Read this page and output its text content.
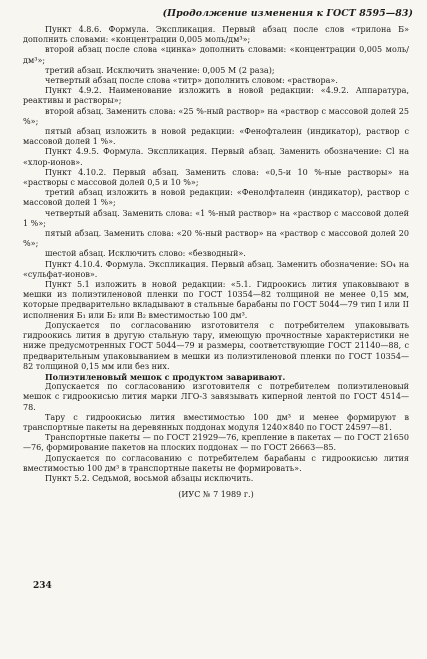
(Продолжение изменения к ГОСТ 8595—83)

Пункт 4.8.6. Формула. Экспликация. Первый абзац после слов «трилона Б» дополнить словами: «концентрации 0,005 моль/дм³»;

второй абзац после слова «цинка» дополнить словами: «концентрации 0,005 моль/дм³»;

третий абзац. Исключить значение: 0,005 М (2 раза);

четвертый абзац после слова «титр» дополнить словом: «раствора».

Пункт 4.9.2. Наименование изложить в новой редакции: «4.9.2. Аппаратура, реактивы и растворы»;

второй абзац. Заменить слова: «25 %-ный раствор» на «раствор с массовой долей 25 %»;

пятый абзац изложить в новой редакции: «Фенофталеин (индикатор), раствор с массовой долей 1 %».

Пункт 4.9.5. Формула. Экспликация. Первый абзац. Заменить обозначение: Cl на «хлор-ионов».

Пункт 4.10.2. Первый абзац. Заменить слова: «0,5-и 10 %-ные растворы» на «растворы с массовой долей 0,5 и 10 %»;

третий абзац изложить в новой редакции: «Фенолфталеин (индикатор), раствор с массовой долей 1 %»;

четвертый абзац. Заменить слова: «1 %-ный раствор» на «раствор с массовой долей 1 %»;

пятый абзац. Заменить слова: «20 %-ный раствор» на «раствор с массовой долей 20 %»;

шестой абзац. Исключить слово: «безводный».

Пункт 4.10.4. Формула. Экспликация. Первый абзац. Заменить обозначение: SO₄ на «сульфат-ионов».

Пункт 5.1 изложить в новой редакции: «5.1. Гидроокись лития упаковывают в мешки из полиэтиленовой пленки по ГОСТ 10354—82 толщиной не менее 0,15 мм, которые предварительно вкладывают в стальные барабаны по ГОСТ 5044—79 тип I или II исполнения Б₁ или Б₂ или В₂ вместимостью 100 дм³.

Допускается по согласованию изготовителя с потребителем упаковывать гидроокись лития в другую стальную тару, имеющую прочностные характеристики не ниже предусмотренных ГОСТ 5044—79 и размеры, соответствующие ГОСТ 21140—88, с предварительным упаковыванием в мешки из полиэтиленовой пленки по ГОСТ 10354—82 толщиной 0,15 мм или без них.

Полиэтиленовый мешок с продуктом заваривают.

Допускается по согласованию изготовителя с потребителем полиэтиленовый мешок с гидроокисью лития марки ЛГО-3 завязывать киперной лентой по ГОСТ 4514—78.

Тару с гидроокисью лития вместимостью 100 дм³ и менее формируют в транспортные пакеты на деревянных поддонах модуля 1240×840 по ГОСТ 24597—81.

Транспортные пакеты — по ГОСТ 21929—76, крепление в пакетах — по ГОСТ 21650—76, формирование пакетов на плоских поддонах — по ГОСТ 26663—85.

Допускается по согласованию с потребителем барабаны с гидроокисью лития вместимостью 100 дм³ в транспортные пакеты не формировать».

Пункт 5.2. Седьмой, восьмой абзацы исключить.

(ИУС № 7 1989 г.)

234
